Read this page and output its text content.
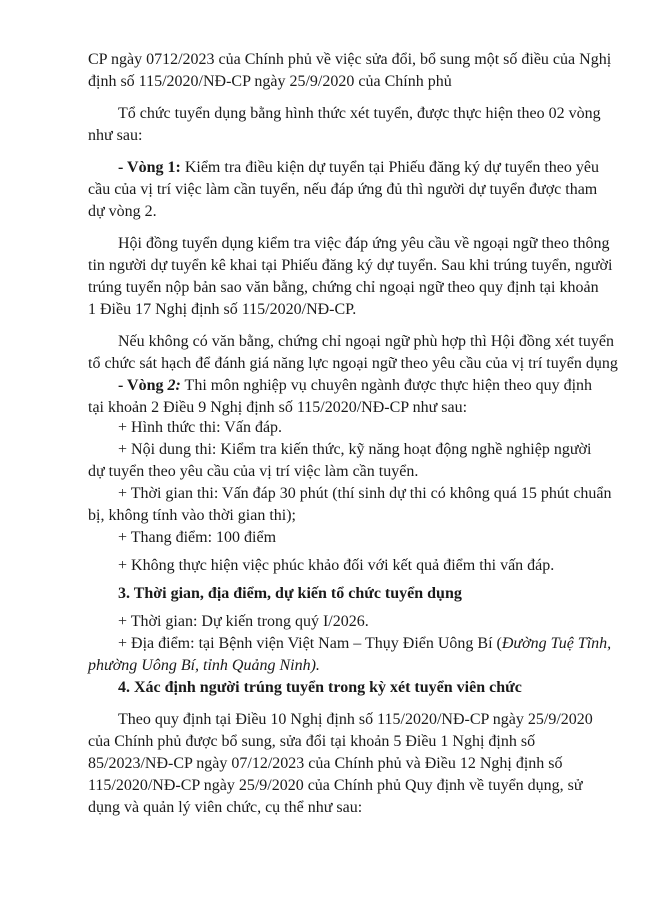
CP ngày 0712/2023 của Chính phủ về việc sửa đổi, bổ sung một số điều của Nghị
định số 115/2020/NĐ-CP ngày 25/9/2020 của Chính phủ
Tổ chức tuyển dụng bằng hình thức xét tuyển, được thực hiện theo 02 vòng
như sau:
- Vòng 1: Kiểm tra điều kiện dự tuyển tại Phiếu đăng ký dự tuyển theo yêu
cầu của vị trí việc làm cần tuyển, nếu đáp ứng đủ thì người dự tuyển được tham
dự vòng 2.
Hội đồng tuyển dụng kiểm tra việc đáp ứng yêu cầu về ngoại ngữ theo thông
tin người dự tuyển kê khai tại Phiếu đăng ký dự tuyển. Sau khi trúng tuyển, người
trúng tuyển nộp bản sao văn bằng, chứng chỉ ngoại ngữ theo quy định tại khoản
1 Điều 17 Nghị định số 115/2020/NĐ-CP.
Nếu không có văn bằng, chứng chỉ ngoại ngữ phù hợp thì Hội đồng xét tuyển
tổ chức sát hạch để đánh giá năng lực ngoại ngữ theo yêu cầu của vị trí tuyển dụng
- Vòng 2: Thi môn nghiệp vụ chuyên ngành được thực hiện theo quy định
tại khoản 2 Điều 9 Nghị định số 115/2020/NĐ-CP như sau:
+ Hình thức thi: Vấn đáp.
+ Nội dung thi: Kiểm tra kiến thức, kỹ năng hoạt động nghề nghiệp người
dự tuyển theo yêu cầu của vị trí việc làm cần tuyển.
+ Thời gian thi: Vấn đáp 30 phút (thí sinh dự thi có không quá 15 phút chuẩn
bị, không tính vào thời gian thi);
+ Thang điểm: 100 điểm
+ Không thực hiện việc phúc khảo đối với kết quả điểm thi vấn đáp.
3. Thời gian, địa điểm, dự kiến tổ chức tuyển dụng
+ Thời gian: Dự kiến trong quý I/2026.
+ Địa điểm: tại Bệnh viện Việt Nam – Thụy Điển Uông Bí (Đường Tuệ Tĩnh,
phường Uông Bí, tỉnh Quảng Ninh).
4. Xác định người trúng tuyển trong kỳ xét tuyển viên chức
Theo quy định tại Điều 10 Nghị định số 115/2020/NĐ-CP ngày 25/9/2020
của Chính phủ được bổ sung, sửa đổi tại khoản 5 Điều 1 Nghị định số
85/2023/NĐ-CP ngày 07/12/2023 của Chính phủ và Điều 12 Nghị định số
115/2020/NĐ-CP ngày 25/9/2020 của Chính phủ Quy định về tuyển dụng, sử
dụng và quản lý viên chức, cụ thể như sau:
